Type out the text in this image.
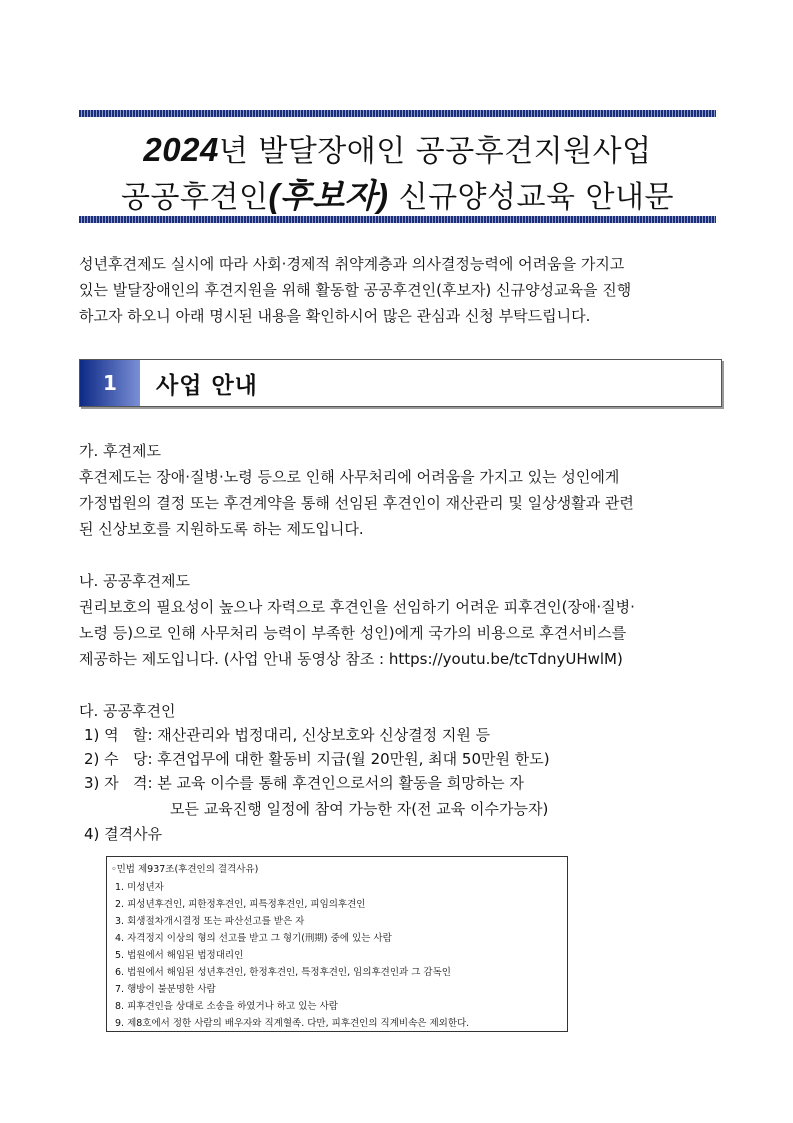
2024년 발달장애인 공공후견지원사업
공공후견인(후보자) 신규양성교육 안내문
성년후견제도 실시에 따라 사회·경제적 취약계층과 의사결정능력에 어려움을 가지고
있는 발달장애인의 후견지원을 위해 활동할 공공후견인(후보자) 신규양성교육을 진행
하고자 하오니 아래 명시된 내용을 확인하시어 많은 관심과 신청 부탁드립니다.
1	사업 안내
가. 후견제도
후견제도는 장애·질병·노령 등으로 인해 사무처리에 어려움을 가지고 있는 성인에게
가정법원의 결정 또는 후견계약을 통해 선임된 후견인이 재산관리 및 일상생활과 관련
된 신상보호를 지원하도록 하는 제도입니다.
나. 공공후견제도
권리보호의 필요성이 높으나 자력으로 후견인을 선임하기 어려운 피후견인(장애·질병·
노령 등)으로 인해 사무처리 능력이 부족한 성인)에게 국가의 비용으로 후견서비스를
제공하는 제도입니다. (사업 안내 동영상 참조 : https://youtu.be/tcTdnyUHwlM)
다. 공공후견인
1) 역   할: 재산관리와 법정대리, 신상보호와 신상결정 지원 등
2) 수   당: 후견업무에 대한 활동비 지급(월 20만원, 최대 50만원 한도)
3) 자   격: 본 교육 이수를 통해 후견인으로서의 활동을 희망하는 자
모든 교육진행 일정에 참여 가능한 자(전 교육 이수가능자)
4) 결격사유
◦민법 제937조(후견인의 결격사유)
1. 미성년자
2. 피성년후견인, 피한정후견인, 피특정후견인, 피임의후견인
3. 회생절차개시결정 또는 파산선고를 받은 자
4. 자격정지 이상의 형의 선고를 받고 그 형기(刑期) 중에 있는 사람
5. 법원에서 해임된 법정대리인
6. 법원에서 해임된 성년후견인, 한정후견인, 특정후견인, 임의후견인과 그 감독인
7. 행방이 불분명한 사람
8. 피후견인을 상대로 소송을 하였거나 하고 있는 사람
9. 제8호에서 정한 사람의 배우자와 직계혈족. 다만, 피후견인의 직계비속은 제외한다.
